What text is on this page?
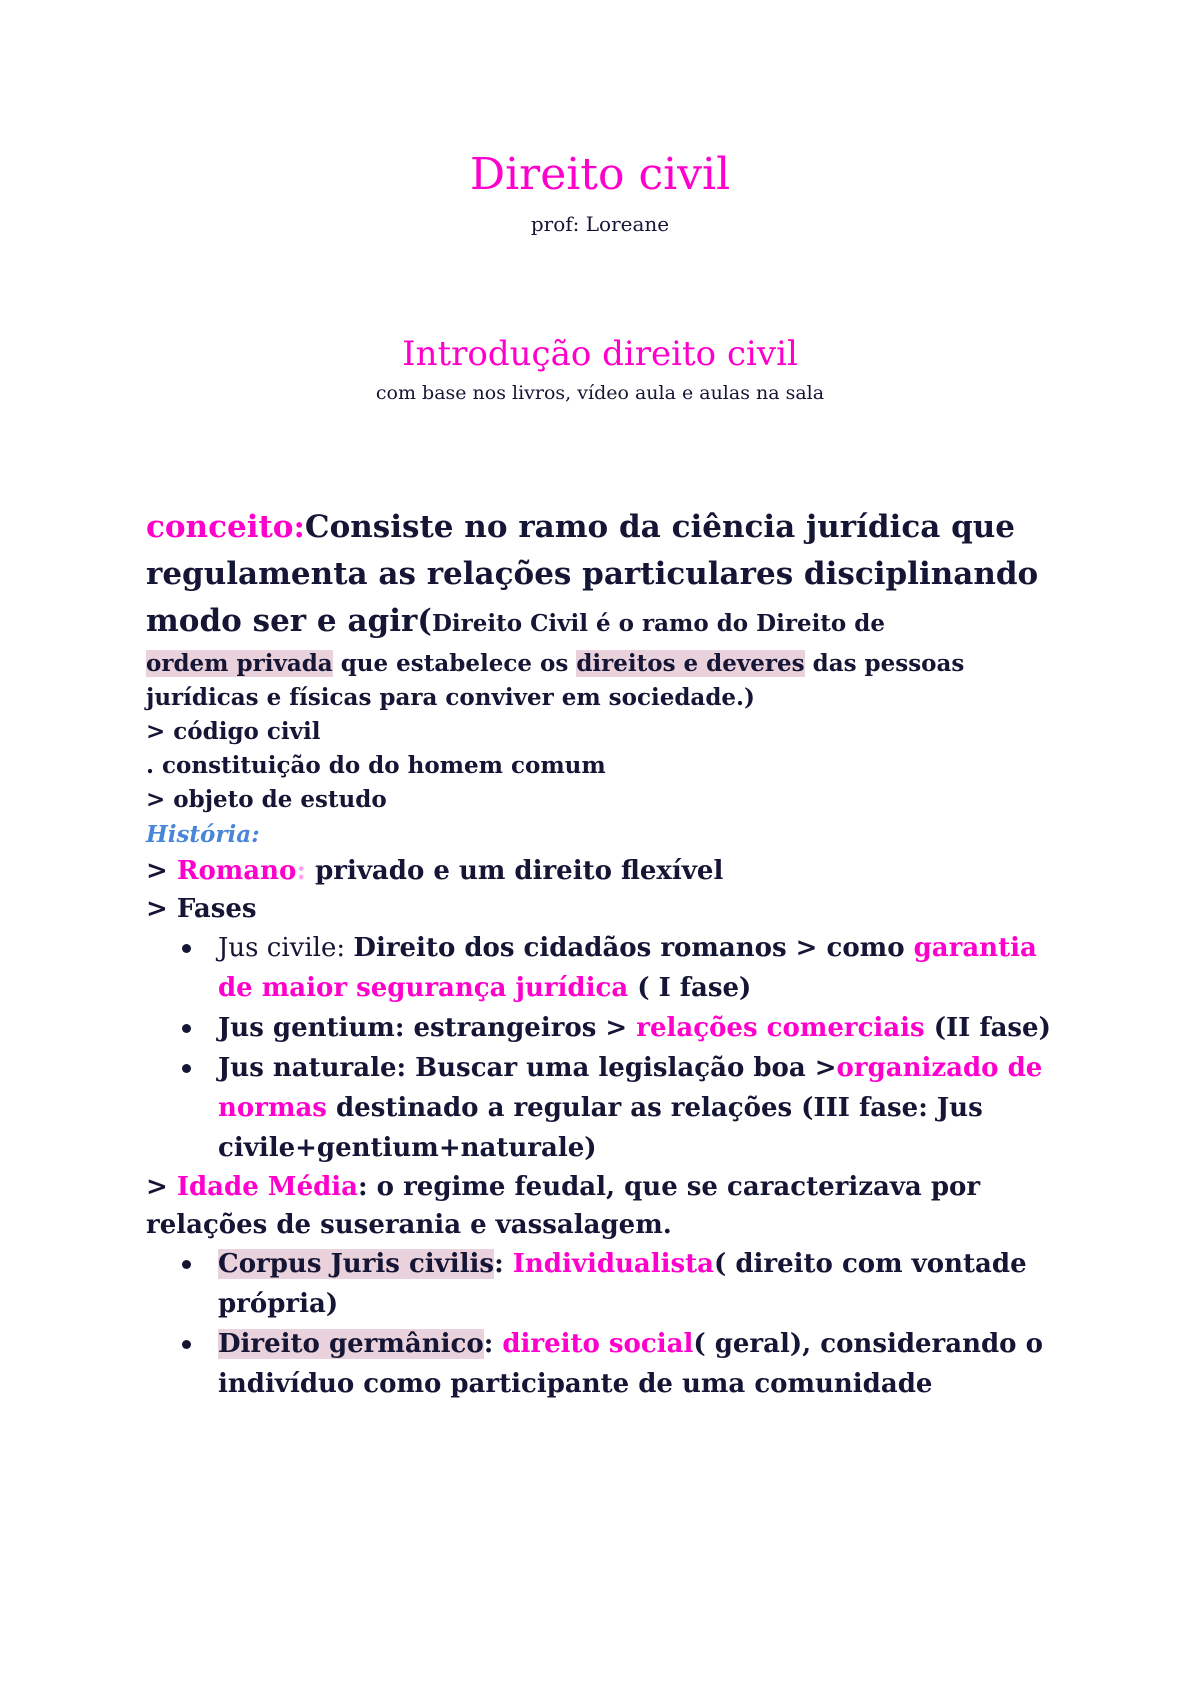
Direito civil
prof: Loreane
Introdução direito civil
com base nos livros, vídeo aula e aulas na sala
conceito:Consiste no ramo da ciência jurídica que regulamenta as relações particulares disciplinando modo ser e agir(Direito Civil é o ramo do Direito de

ordem privada que estabelece os direitos e deveres das pessoas jurídicas e físicas para conviver em sociedade.)

> código civil

. constituição do do homem comum

> objeto de estudo

História:

> Romano: privado e um direito flexível

> Fases

Jus civile: Direito dos cidadãos romanos > como garantia de maior segurança jurídica ( I fase)
Jus gentium: estrangeiros > relações comerciais (II fase)
Jus naturale: Buscar uma legislação boa >organizado de normas destinado a regular as relações (III fase: Jus civile+gentium+naturale)

> Idade Média: o regime feudal, que se caracterizava por relações de suserania e vassalagem.

Corpus Juris civilis: Individualista( direito com vontade própria)
Direito germânico: direito social( geral), considerando o indivíduo como participante de uma comunidade
